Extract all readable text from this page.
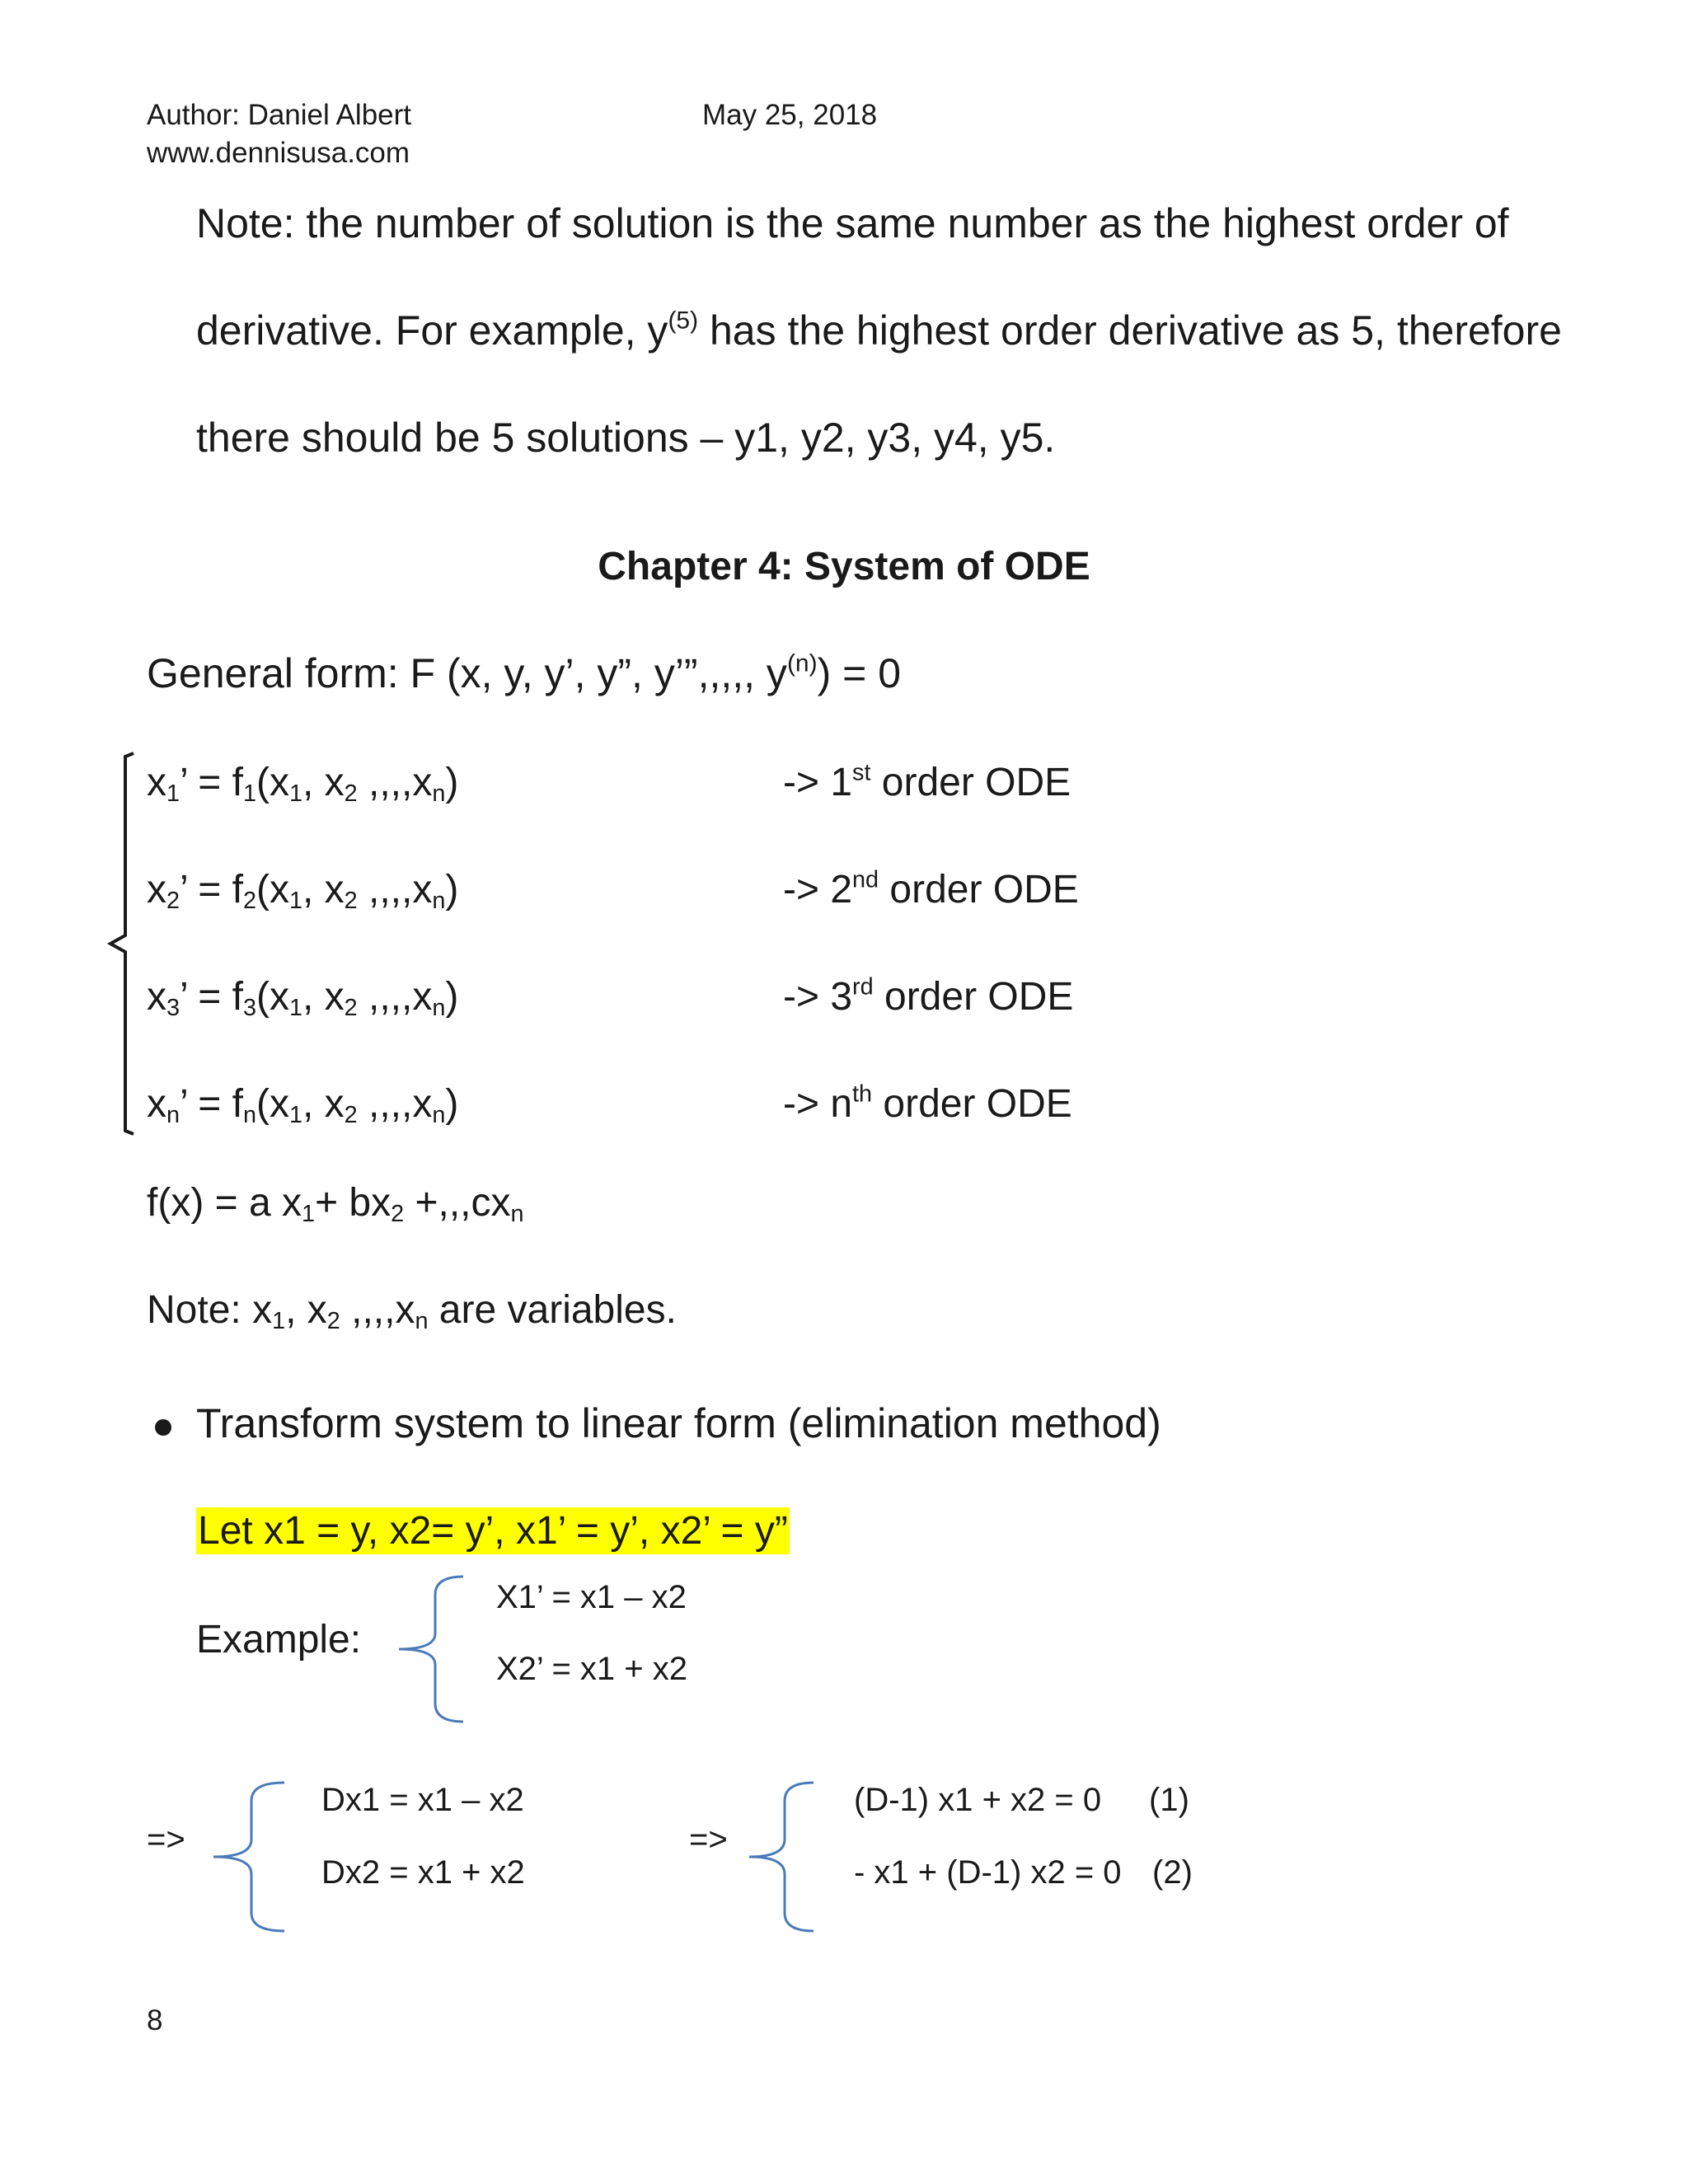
Author: Daniel Albert
www.dennisusa.com
May 25, 2018
Note: the number of solution is the same number as the highest order of
derivative. For example, $y^{(5)}$ has the highest order derivative as 5, therefore
there should be 5 solutions – y1, y2, y3, y4, y5.
Chapter 4: System of ODE
General form: F (x, y, y’, y”, y’”,,,,, $y^{(n)}) = 0$
$x_1$’ = $f_1(x_1$, $x_2$ $,,,,x_n$)	-> 1st order ODE
$x_2$’ = $f_2(x_1$, $x_2$ $,,,,x_n$)	-> 2nd order ODE
$x_3$’ = $f_3(x_1$, $x_2$ $,,,,x_n$)	-> 3rd order ODE
$x_n$’ = $f_n(x_1$, $x_2$ $,,,,x_n$)	-> $n^{th}$ order ODE
f(x) = a $x_1+ bx_2 +,,,cx_n$
Note: $x_1$, $x_2$ $,,,,x_n$ are variables.
Transform system to linear form (elimination method)
Let x1 = y, x2= y’, x1’ = y’, x2’ = y”
Example:
X1’ = x1 – x2
X2’ = x1 + x2
=>
Dx1 = x1 – x2
Dx2 = x1 + x2
=>
(D-1) x1 + x2 = 0 (1)
- x1 + (D-1) x2 = 0 (2)
8
